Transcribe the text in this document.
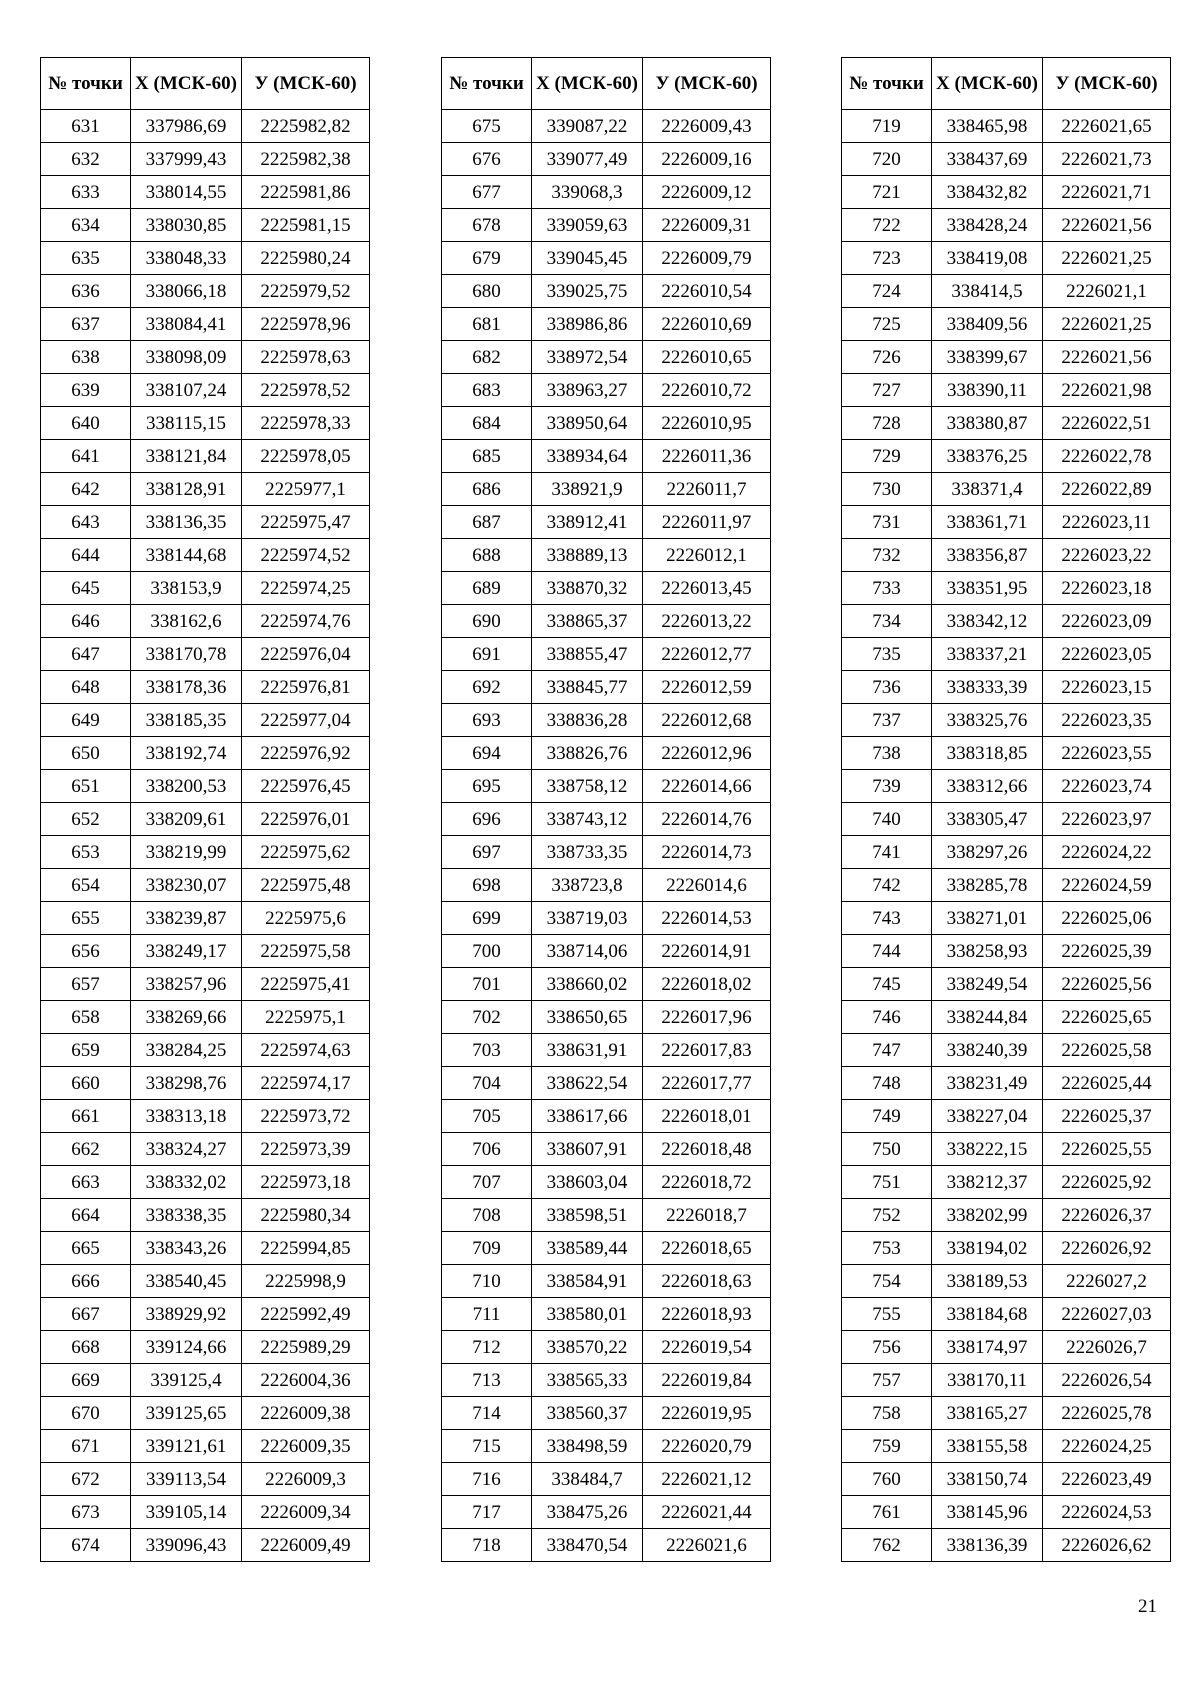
№ точки	Х (МСК-60)	У (МСК-60)
631	337986,69	2225982,82
632	337999,43	2225982,38
633	338014,55	2225981,86
634	338030,85	2225981,15
635	338048,33	2225980,24
636	338066,18	2225979,52
637	338084,41	2225978,96
638	338098,09	2225978,63
639	338107,24	2225978,52
640	338115,15	2225978,33
641	338121,84	2225978,05
642	338128,91	2225977,1
643	338136,35	2225975,47
644	338144,68	2225974,52
645	338153,9	2225974,25
646	338162,6	2225974,76
647	338170,78	2225976,04
648	338178,36	2225976,81
649	338185,35	2225977,04
650	338192,74	2225976,92
651	338200,53	2225976,45
652	338209,61	2225976,01
653	338219,99	2225975,62
654	338230,07	2225975,48
655	338239,87	2225975,6
656	338249,17	2225975,58
657	338257,96	2225975,41
658	338269,66	2225975,1
659	338284,25	2225974,63
660	338298,76	2225974,17
661	338313,18	2225973,72
662	338324,27	2225973,39
663	338332,02	2225973,18
664	338338,35	2225980,34
665	338343,26	2225994,85
666	338540,45	2225998,9
667	338929,92	2225992,49
668	339124,66	2225989,29
669	339125,4	2226004,36
670	339125,65	2226009,38
671	339121,61	2226009,35
672	339113,54	2226009,3
673	339105,14	2226009,34
674	339096,43	2226009,49
№ точки	Х (МСК-60)	У (МСК-60)
675	339087,22	2226009,43
676	339077,49	2226009,16
677	339068,3	2226009,12
678	339059,63	2226009,31
679	339045,45	2226009,79
680	339025,75	2226010,54
681	338986,86	2226010,69
682	338972,54	2226010,65
683	338963,27	2226010,72
684	338950,64	2226010,95
685	338934,64	2226011,36
686	338921,9	2226011,7
687	338912,41	2226011,97
688	338889,13	2226012,1
689	338870,32	2226013,45
690	338865,37	2226013,22
691	338855,47	2226012,77
692	338845,77	2226012,59
693	338836,28	2226012,68
694	338826,76	2226012,96
695	338758,12	2226014,66
696	338743,12	2226014,76
697	338733,35	2226014,73
698	338723,8	2226014,6
699	338719,03	2226014,53
700	338714,06	2226014,91
701	338660,02	2226018,02
702	338650,65	2226017,96
703	338631,91	2226017,83
704	338622,54	2226017,77
705	338617,66	2226018,01
706	338607,91	2226018,48
707	338603,04	2226018,72
708	338598,51	2226018,7
709	338589,44	2226018,65
710	338584,91	2226018,63
711	338580,01	2226018,93
712	338570,22	2226019,54
713	338565,33	2226019,84
714	338560,37	2226019,95
715	338498,59	2226020,79
716	338484,7	2226021,12
717	338475,26	2226021,44
718	338470,54	2226021,6
№ точки	Х (МСК-60)	У (МСК-60)
719	338465,98	2226021,65
720	338437,69	2226021,73
721	338432,82	2226021,71
722	338428,24	2226021,56
723	338419,08	2226021,25
724	338414,5	2226021,1
725	338409,56	2226021,25
726	338399,67	2226021,56
727	338390,11	2226021,98
728	338380,87	2226022,51
729	338376,25	2226022,78
730	338371,4	2226022,89
731	338361,71	2226023,11
732	338356,87	2226023,22
733	338351,95	2226023,18
734	338342,12	2226023,09
735	338337,21	2226023,05
736	338333,39	2226023,15
737	338325,76	2226023,35
738	338318,85	2226023,55
739	338312,66	2226023,74
740	338305,47	2226023,97
741	338297,26	2226024,22
742	338285,78	2226024,59
743	338271,01	2226025,06
744	338258,93	2226025,39
745	338249,54	2226025,56
746	338244,84	2226025,65
747	338240,39	2226025,58
748	338231,49	2226025,44
749	338227,04	2226025,37
750	338222,15	2226025,55
751	338212,37	2226025,92
752	338202,99	2226026,37
753	338194,02	2226026,92
754	338189,53	2226027,2
755	338184,68	2226027,03
756	338174,97	2226026,7
757	338170,11	2226026,54
758	338165,27	2226025,78
759	338155,58	2226024,25
760	338150,74	2226023,49
761	338145,96	2226024,53
762	338136,39	2226026,62
21
